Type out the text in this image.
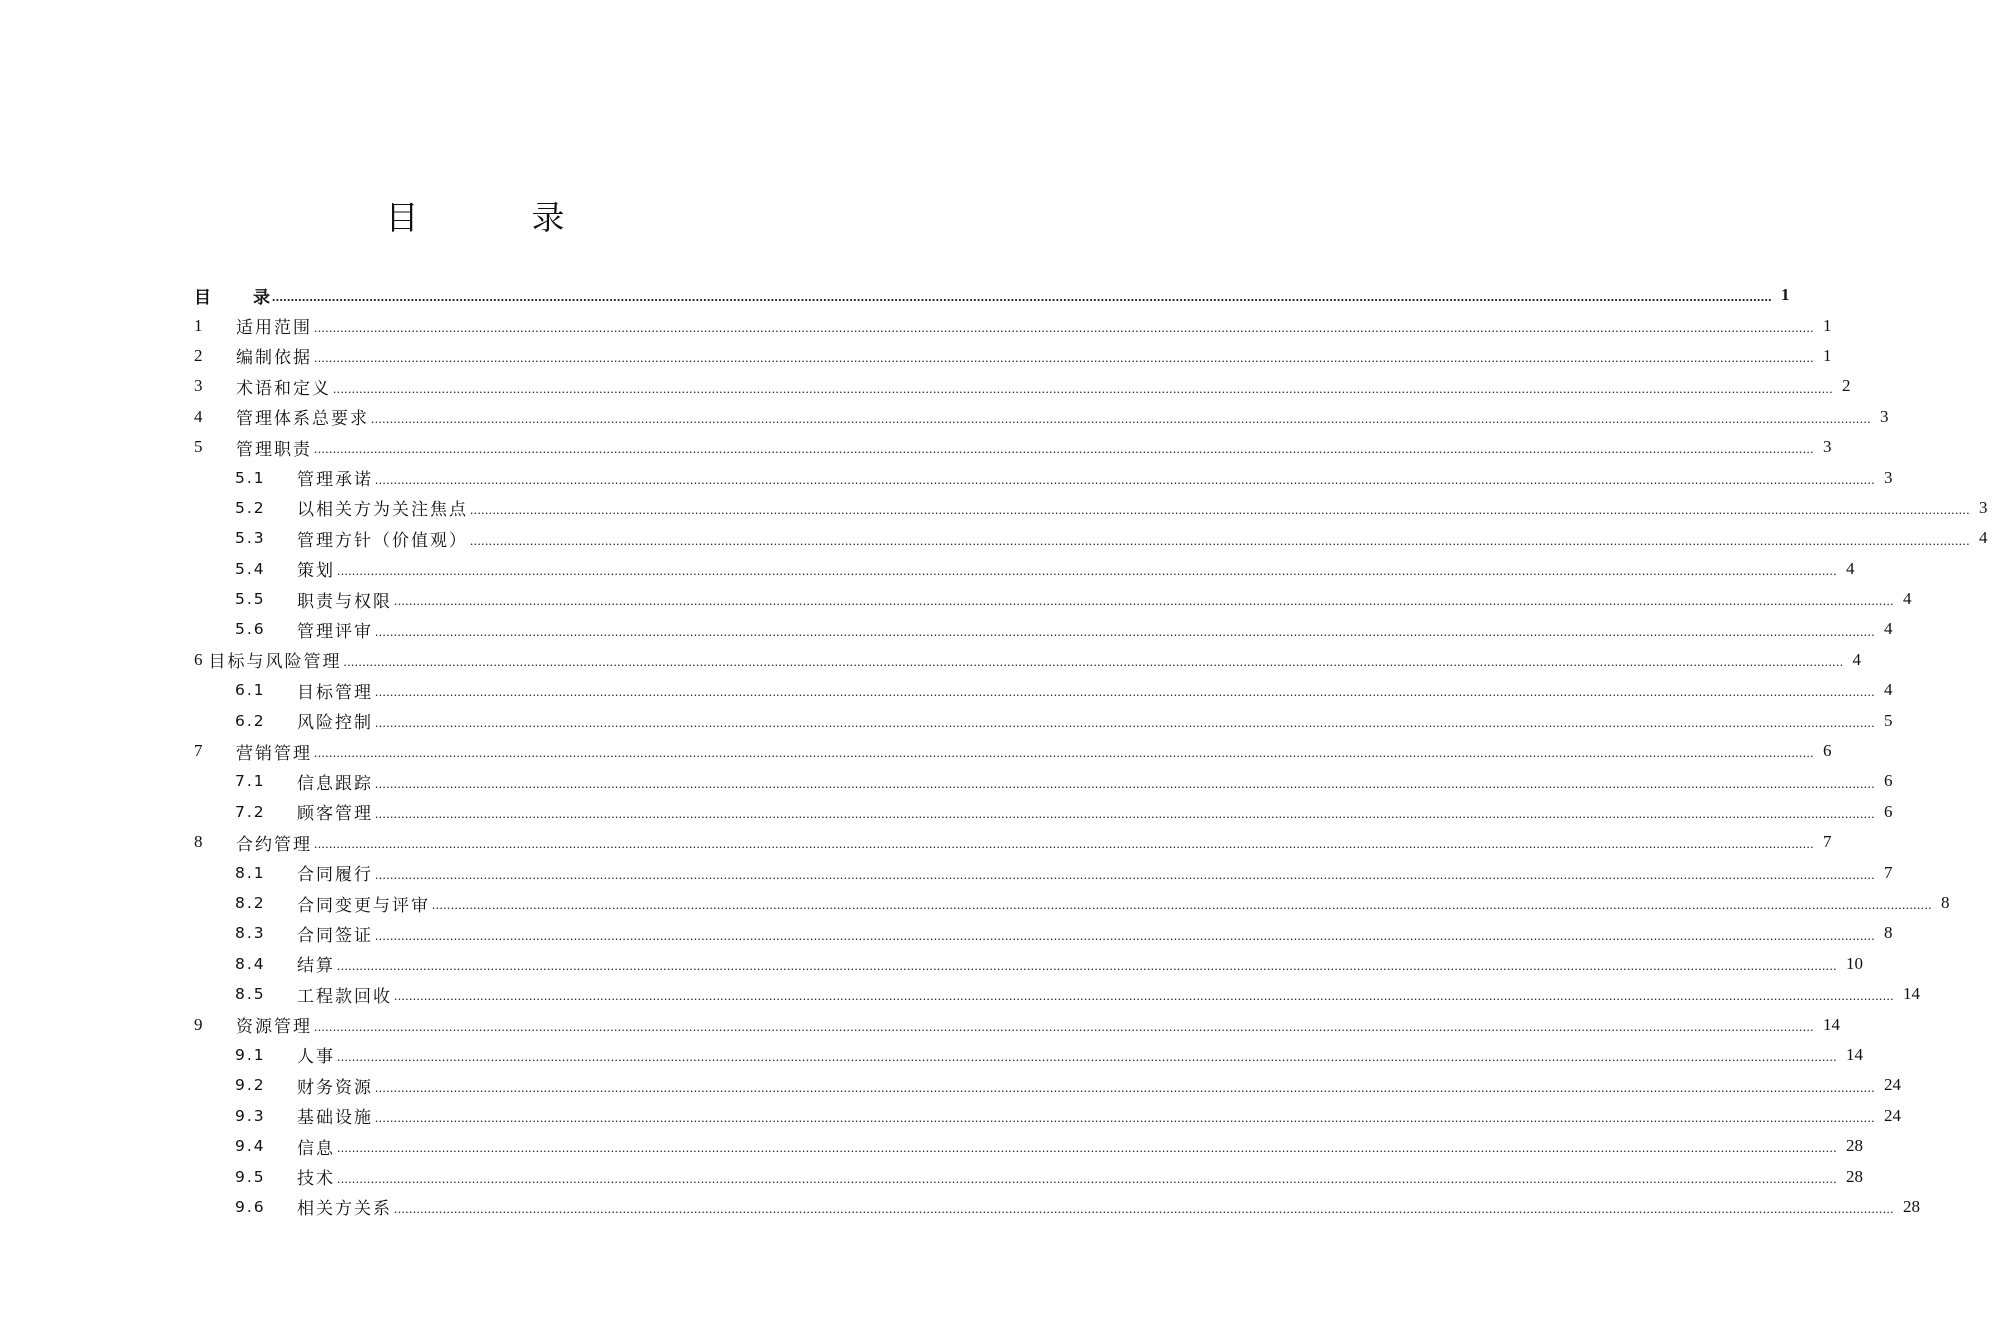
目　录
目 录 ................................................................................................................................................................................................................................................................................................................................................................................................................ 1
1	适用范围 ................................................................................................................................................................................................................................................................................................................................................................................................................ 1
2	编制依据 ................................................................................................................................................................................................................................................................................................................................................................................................................ 1
3	术语和定义 ................................................................................................................................................................................................................................................................................................................................................................................................................ 2
4	管理体系总要求 ................................................................................................................................................................................................................................................................................................................................................................................................................ 3
5	管理职责 ................................................................................................................................................................................................................................................................................................................................................................................................................ 3
5.1	管理承诺 ................................................................................................................................................................................................................................................................................................................................................................................................................ 3
5.2	以相关方为关注焦点 ................................................................................................................................................................................................................................................................................................................................................................................................................ 3
5.3	管理方针（价值观） ................................................................................................................................................................................................................................................................................................................................................................................................................ 4
5.4	策划 ................................................................................................................................................................................................................................................................................................................................................................................................................ 4
5.5	职责与权限 ................................................................................................................................................................................................................................................................................................................................................................................................................ 4
5.6	管理评审 ................................................................................................................................................................................................................................................................................................................................................................................................................ 4
6 目标与风险管理 ................................................................................................................................................................................................................................................................................................................................................................................................................ 4
6.1	目标管理 ................................................................................................................................................................................................................................................................................................................................................................................................................ 4
6.2	风险控制 ................................................................................................................................................................................................................................................................................................................................................................................................................ 5
7	营销管理 ................................................................................................................................................................................................................................................................................................................................................................................................................ 6
7.1	信息跟踪 ................................................................................................................................................................................................................................................................................................................................................................................................................ 6
7.2	顾客管理 ................................................................................................................................................................................................................................................................................................................................................................................................................ 6
8	合约管理 ................................................................................................................................................................................................................................................................................................................................................................................................................ 7
8.1	合同履行 ................................................................................................................................................................................................................................................................................................................................................................................................................ 7
8.2	合同变更与评审 ................................................................................................................................................................................................................................................................................................................................................................................................................ 8
8.3	合同签证 ................................................................................................................................................................................................................................................................................................................................................................................................................ 8
8.4	结算 ................................................................................................................................................................................................................................................................................................................................................................................................................ 10
8.5	工程款回收 ................................................................................................................................................................................................................................................................................................................................................................................................................ 14
9	资源管理 ................................................................................................................................................................................................................................................................................................................................................................................................................ 14
9.1	人事 ................................................................................................................................................................................................................................................................................................................................................................................................................ 14
9.2	财务资源 ................................................................................................................................................................................................................................................................................................................................................................................................................ 24
9.3	基础设施 ................................................................................................................................................................................................................................................................................................................................................................................................................ 24
9.4	信息 ................................................................................................................................................................................................................................................................................................................................................................................................................ 28
9.5	技术 ................................................................................................................................................................................................................................................................................................................................................................................................................ 28
9.6	相关方关系 ................................................................................................................................................................................................................................................................................................................................................................................................................ 28
